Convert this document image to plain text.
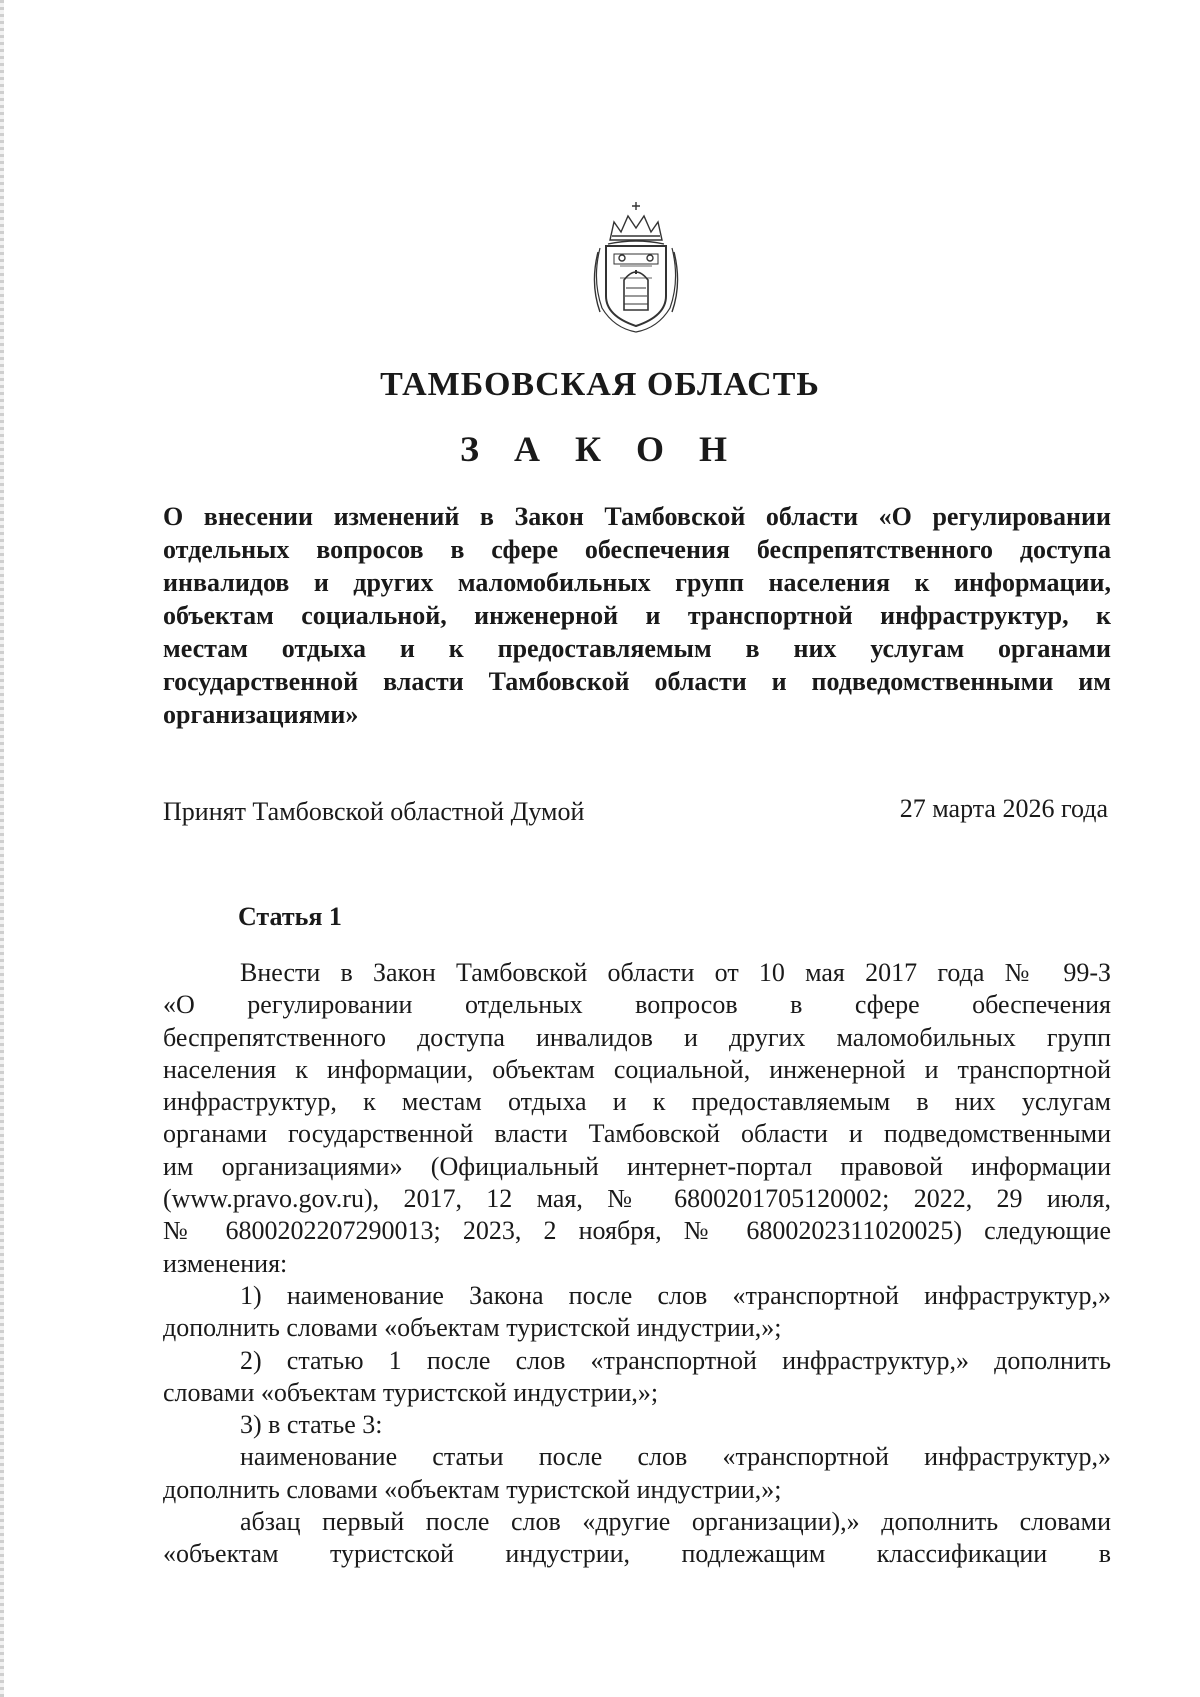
ТАМБОВСКАЯ ОБЛАСТЬ
З А К О Н
О внесении изменений в Закон Тамбовской области «О регулировании
отдельных вопросов в сфере обеспечения беспрепятственного доступа
инвалидов и других маломобильных групп населения к информации,
объектам социальной, инженерной и транспортной инфраструктур, к
местам отдыха и к предоставляемым в них услугам органами
государственной власти Тамбовской области и подведомственными им
организациями»
Принят Тамбовской областной Думой	27 марта 2026 года
Статья 1
Внести в Закон Тамбовской области от 10 мая 2017 года № 99-З
«О регулировании отдельных вопросов в сфере обеспечения
беспрепятственного доступа инвалидов и других маломобильных групп
населения к информации, объектам социальной, инженерной и транспортной
инфраструктур, к местам отдыха и к предоставляемым в них услугам
органами государственной власти Тамбовской области и подведомственными
им организациями» (Официальный интернет-портал правовой информации
(www.pravo.gov.ru), 2017, 12 мая, № 6800201705120002; 2022, 29 июля,
№ 6800202207290013; 2023, 2 ноября, № 6800202311020025) следующие
изменения:
1) наименование Закона после слов «транспортной инфраструктур,»
дополнить словами «объектам туристской индустрии,»;
2) статью 1 после слов «транспортной инфраструктур,» дополнить
словами «объектам туристской индустрии,»;
3) в статье 3:
наименование статьи после слов «транспортной инфраструктур,»
дополнить словами «объектам туристской индустрии,»;
абзац первый после слов «другие организации),» дополнить словами
«объектам туристской индустрии, подлежащим классификации в
